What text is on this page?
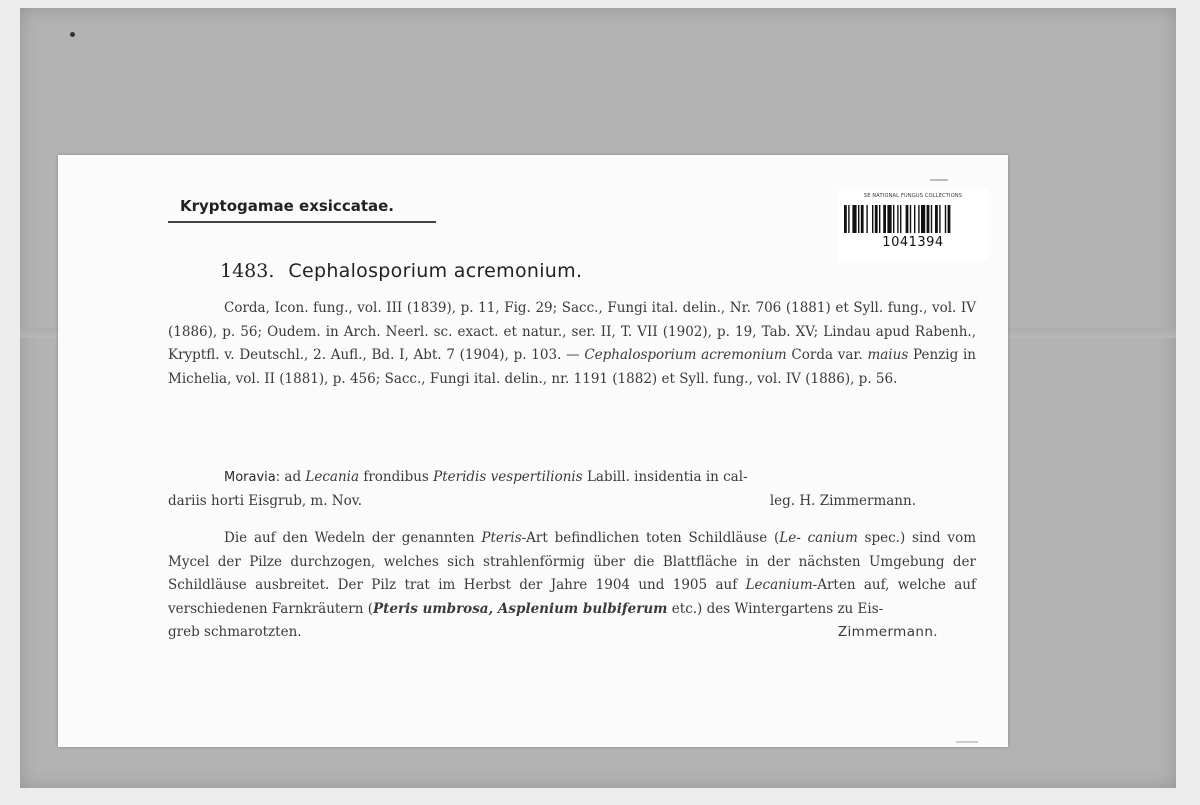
Kryptogamae exsiccatae.
SE NATIONAL FUNGUS COLLECTIONS
1041394
1483. Cephalosporium acremonium.
Corda, Icon. fung., vol. III (1839), p. 11, Fig. 29; Sacc., Fungi ital. delin., Nr. 706 (1881) et Syll. fung., vol. IV (1886), p. 56; Oudem. in Arch. Neerl. sc. exact. et natur., ser. II, T. VII (1902), p. 19, Tab. XV; Lindau apud Rabenh., Kryptfl. v. Deutschl., 2. Aufl., Bd. I, Abt. 7 (1904), p. 103. — Cephalosporium acremonium Corda var. maius Penzig in Michelia, vol. II (1881), p. 456; Sacc., Fungi ital. delin., nr. 1191 (1882) et Syll. fung., vol. IV (1886), p. 56.
Moravia: ad Lecania frondibus Pteridis vespertilionis Labill. insidentia in cal-
dariis horti Eisgrub, m. Nov.	leg. H. Zimmermann.
Die auf den Wedeln der genannten Pteris-Art befindlichen toten Schildläuse (Le- canium spec.) sind vom Mycel der Pilze durchzogen, welches sich strahlenförmig über die Blattfläche in der nächsten Umgebung der Schildläuse ausbreitet. Der Pilz trat im Herbst der Jahre 1904 und 1905 auf Lecanium-Arten auf, welche auf verschiedenen Farnkräutern (Pteris umbrosa, Asplenium bulbiferum etc.) des Wintergartens zu Eis-
greb schmarotzten.	Zimmermann.
